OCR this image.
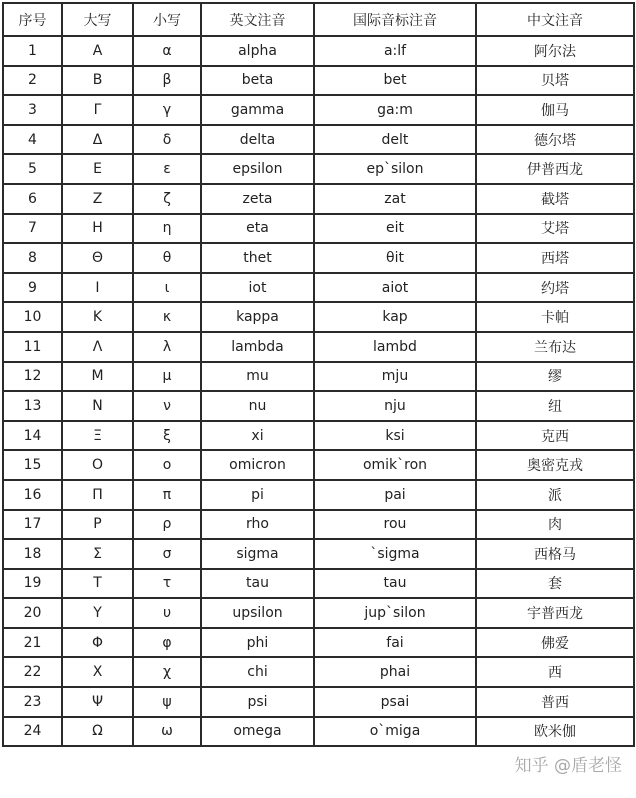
序号	大写	小写	英文注音	国际音标注音	中文注音
1	Α	α	alpha	a:lf	阿尔法
2	Β	β	beta	bet	贝塔
3	Γ	γ	gamma	ga:m	伽马
4	Δ	δ	delta	delt	德尔塔
5	Ε	ε	epsilon	ep`silon	伊普西龙
6	Ζ	ζ	zeta	zat	截塔
7	Η	η	eta	eit	艾塔
8	Θ	θ	thet	θit	西塔
9	Ι	ι	iot	aiot	约塔
10	Κ	κ	kappa	kap	卡帕
11	Λ	λ	lambda	lambd	兰布达
12	Μ	μ	mu	mju	缪
13	Ν	ν	nu	nju	纽
14	Ξ	ξ	xi	ksi	克西
15	Ο	ο	omicron	omik`ron	奥密克戎
16	Π	π	pi	pai	派
17	Ρ	ρ	rho	rou	肉
18	Σ	σ	sigma	`sigma	西格马
19	Τ	τ	tau	tau	套
20	Υ	υ	upsilon	jup`silon	宇普西龙
21	Φ	φ	phi	fai	佛爱
22	Χ	χ	chi	phai	西
23	Ψ	ψ	psi	psai	普西
24	Ω	ω	omega	o`miga	欧米伽
知乎 @盾老怪
